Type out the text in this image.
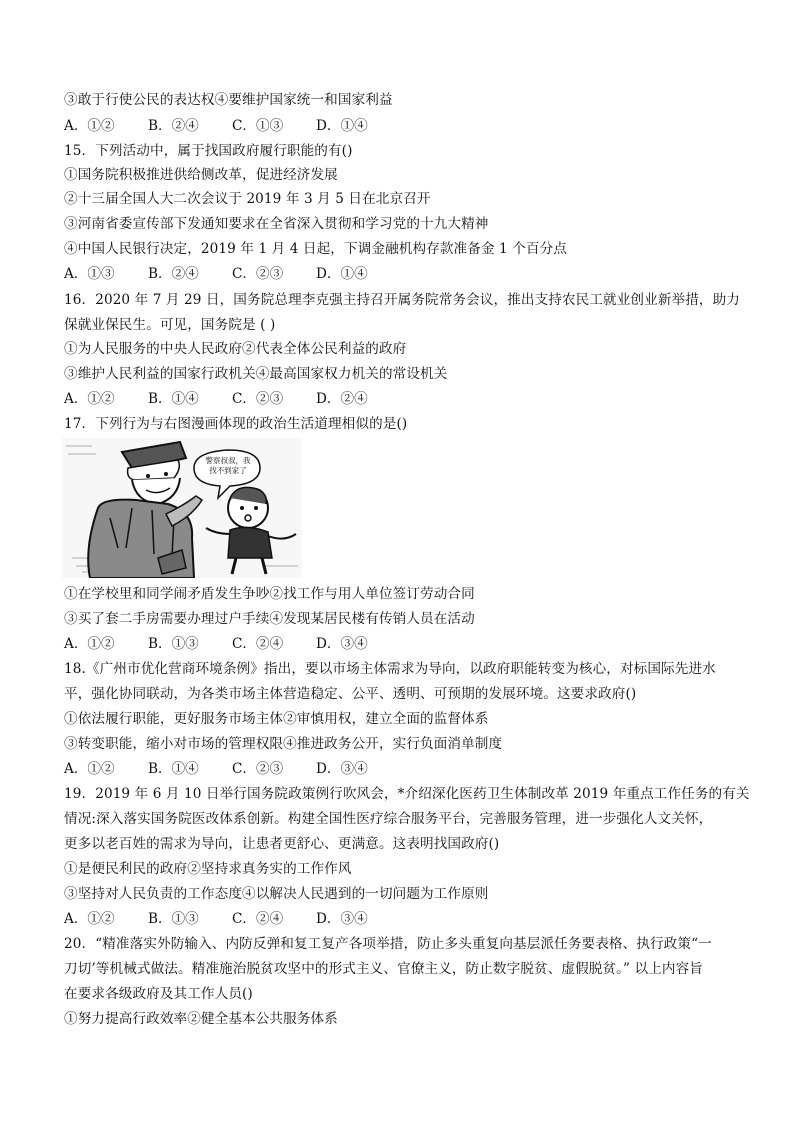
③敢于行使公民的表达权④要维护国家统一和国家利益

A．①② B．②④ C．①③ D．①④

15．下列活动中，属于找国政府履行职能的有()

①国务院积极推进供给侧改革，促进经济发展

②十三届全国人大二次会议于 2019 年 3 月 5 日在北京召开

③河南省委宣传部下发通知要求在全省深入贯彻和学习党的十九大精神

④中国人民银行决定，2019 年 1 月 4 日起，下调金融机构存款准备金 1 个百分点

A．①③ B．②④ C．②③ D．①④

16．2020 年 7 月 29 日，国务院总理李克强主持召开属务院常务会议，推出支持农民工就业创业新举措，助力

保就业保民生。可见，国务院是 ( )

①为人民服务的中央人民政府②代表全体公民利益的政府

③维护人民利益的国家行政机关④最高国家权力机关的常设机关

A．①② B．①④ C．②③ D．②④

17．下列行为与右图漫画体现的政治生活道理相似的是()

警察叔叔，我
找不到家了

①在学校里和同学闹矛盾发生争吵②找工作与用人单位签订劳动合同

③买了套二手房需要办理过户手续④发现某居民楼有传销人员在活动

A．①② B．①③ C．②④ D．③④

18.《广州市优化营商环境条例》指出，要以市场主体需求为导向，以政府职能转变为核心，对标国际先进水

平，强化协同联动，为各类市场主体营造稳定、公平、透明、可预期的发展环境。这要求政府()

①依法履行职能，更好服务市场主体②审慎用权，建立全面的监督体系

③转变职能，缩小对市场的管理权限④推进政务公开，实行负面消单制度

A．①② B．①④ C．②③ D．③④

19．2019 年 6 月 10 日举行国务院政策例行吹风会，*介绍深化医药卫生体制改革 2019 年重点工作任务的有关

情况:深入落实国务院医改体系创新。构建全国性医疗综合服务平台，完善服务管理，进一步强化人文关怀，

更多以老百姓的需求为导向，让患者更舒心、更满意。这表明找国政府()

①是便民利民的政府②坚持求真务实的工作作风

③坚持对人民负责的工作态度④以解决人民遇到的一切问题为工作原则

A．①② B．①③ C．②④ D．③④

20．“精准落实外防输入、内防反弹和复工复产各项举措，防止多头重复向基层派任务要表格、执行政策“一

刀切’等机械式做法。精准施治脱贫攻坚中的形式主义、官僚主义，防止数字脱贫、虚假脱贫。” 以上内容旨

在要求各级政府及其工作人员()

①努力提高行政效率②健全基本公共服务体系
